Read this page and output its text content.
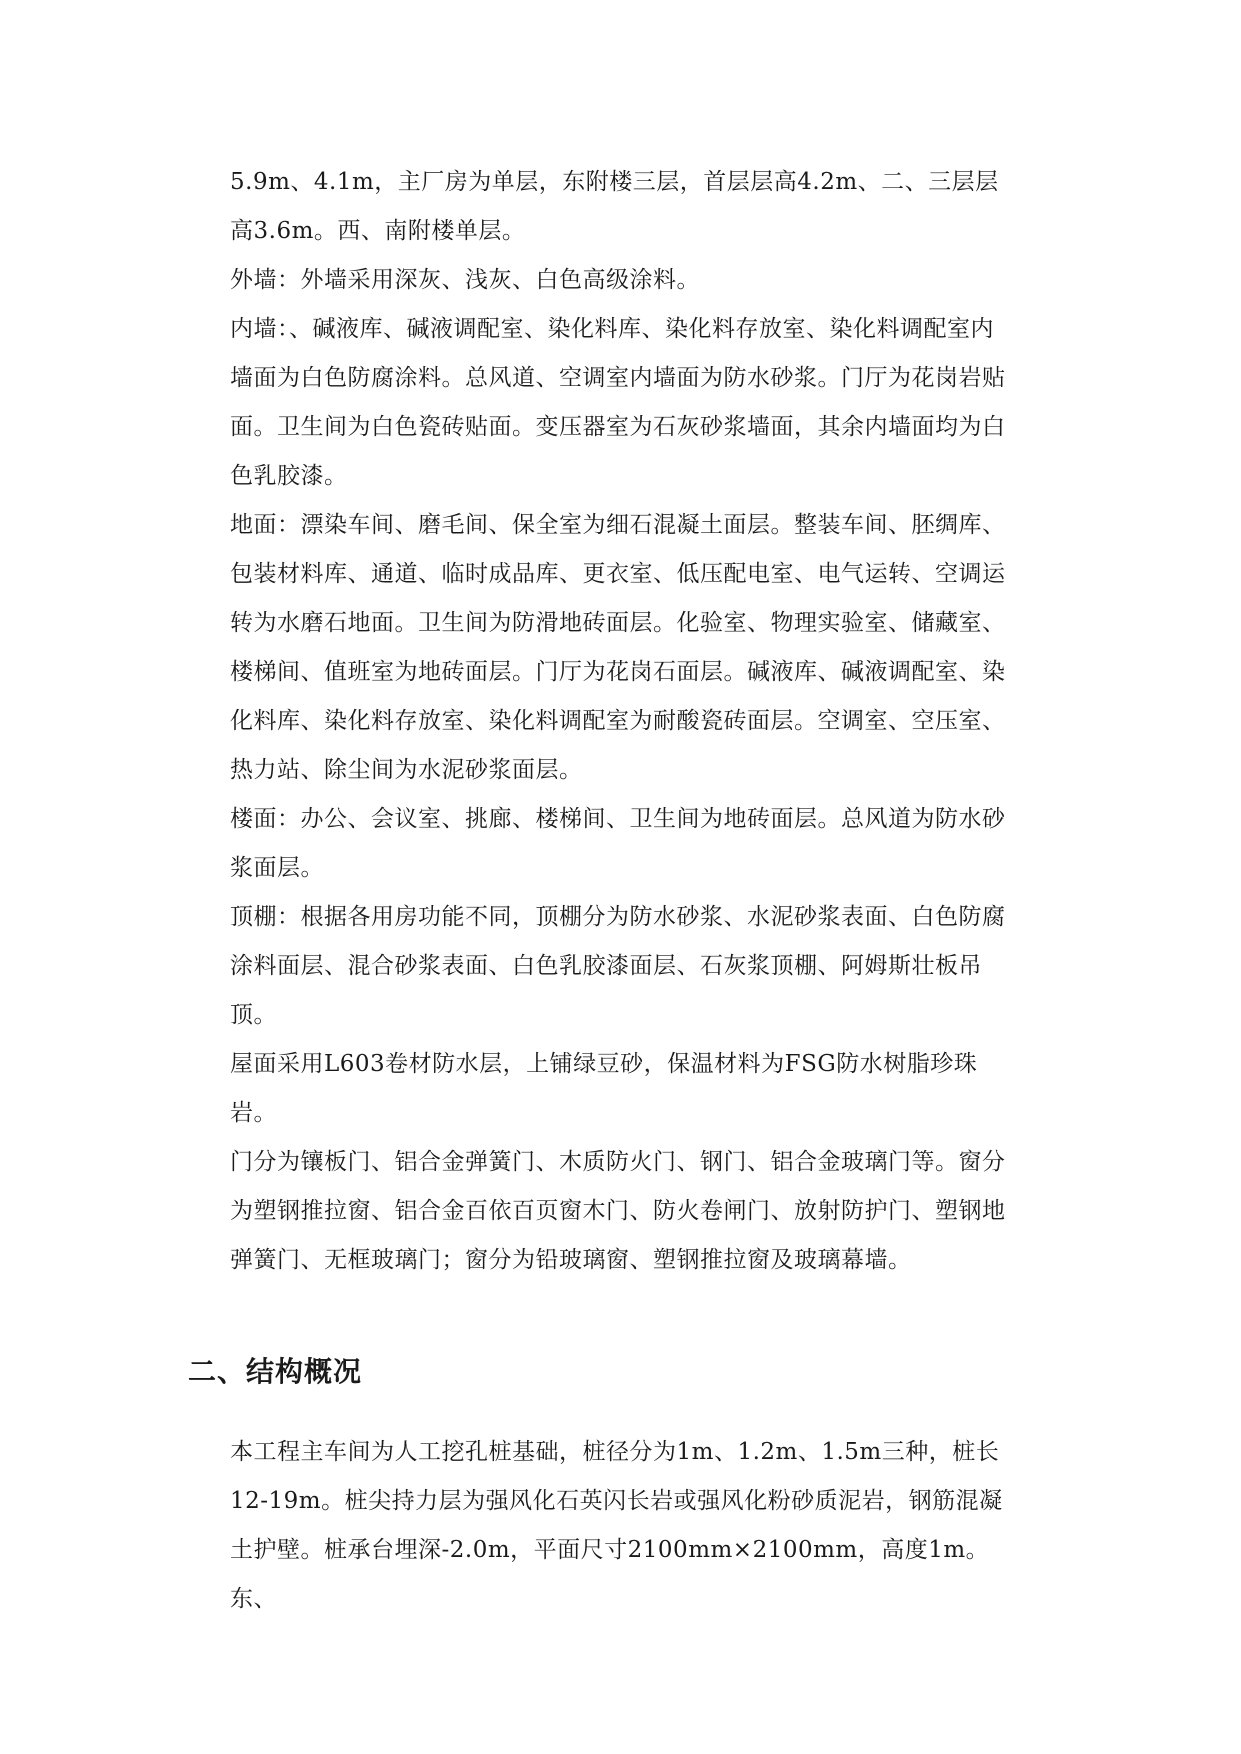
5.9m、4.1m，主厂房为单层，东附楼三层，首层层高4.2m、二、三层层高3.6m。西、南附楼单层。

外墙：外墙采用深灰、浅灰、白色高级涂料。

内墙：、碱液库、碱液调配室、染化料库、染化料存放室、染化料调配室内墙面为白色防腐涂料。总风道、空调室内墙面为防水砂浆。门厅为花岗岩贴面。卫生间为白色瓷砖贴面。变压器室为石灰砂浆墙面，其余内墙面均为白色乳胶漆。

地面：漂染车间、磨毛间、保全室为细石混凝土面层。整装车间、胚绸库、包装材料库、通道、临时成品库、更衣室、低压配电室、电气运转、空调运转为水磨石地面。卫生间为防滑地砖面层。化验室、物理实验室、储藏室、楼梯间、值班室为地砖面层。门厅为花岗石面层。碱液库、碱液调配室、染化料库、染化料存放室、染化料调配室为耐酸瓷砖面层。空调室、空压室、热力站、除尘间为水泥砂浆面层。

楼面：办公、会议室、挑廊、楼梯间、卫生间为地砖面层。总风道为防水砂浆面层。

顶棚：根据各用房功能不同，顶棚分为防水砂浆、水泥砂浆表面、白色防腐涂料面层、混合砂浆表面、白色乳胶漆面层、石灰浆顶棚、阿姆斯壮板吊顶。

屋面采用L603卷材防水层，上铺绿豆砂，保温材料为FSG防水树脂珍珠岩。

门分为镶板门、铝合金弹簧门、木质防火门、钢门、铝合金玻璃门等。窗分为塑钢推拉窗、铝合金百依百页窗木门、防火卷闸门、放射防护门、塑钢地弹簧门、无框玻璃门；窗分为铅玻璃窗、塑钢推拉窗及玻璃幕墙。

二、结构概况

本工程主车间为人工挖孔桩基础，桩径分为1m、1.2m、1.5m三种，桩长12-19m。桩尖持力层为强风化石英闪长岩或强风化粉砂质泥岩，钢筋混凝土护壁。桩承台埋深-2.0m，平面尺寸2100mm×2100mm，高度1m。东、
